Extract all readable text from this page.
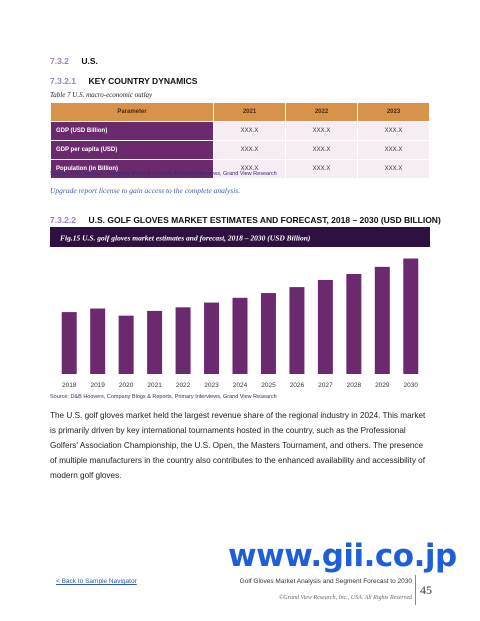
7.3.2 U.S.
7.3.2.1 KEY COUNTRY DYNAMICS
Table 7 U.S. macro-economic outlay
Parameter	2021	2022	2023
GDP (USD Billion)	XXX.X	XXX.X	XXX.X
GDP per capita (USD)	XXX.X	XXX.X	XXX.X
Population (in Billion)	XXX.X	XXX.X	XXX.X
Source: D&B Hoovers, Company Blogs & Reports, Primary Interviews, Grand View Research
Upgrade report license to gain access to the complete analysis.
7.3.2.2 U.S. GOLF GLOVES MARKET ESTIMATES AND FORECAST, 2018 – 2030 (USD BILLION)
Fig.15 U.S. golf gloves market estimates and forecast, 2018 – 2030 (USD Billion)
2018 2019 2020 2021 2022 2023 2024 2025 2026 2027 2028 2029 2030
Source: D&B Hoovers, Company Blogs & Reports, Primary Interviews, Grand View Research
The U.S. golf gloves market held the largest revenue share of the regional industry in 2024. This market is primarily driven by key international tournaments hosted in the country, such as the Professional Golfers' Association Championship, the U.S. Open, the Masters Tournament, and others. The presence of multiple manufacturers in the country also contributes to the enhanced availability and accessibility of modern golf gloves.
www.gii.co.jp
< Back to Sample Navigator	Golf Gloves Market Analysis and Segment Forecast to 2030
©Grand View Research, Inc., USA. All Rights Reserved
45
